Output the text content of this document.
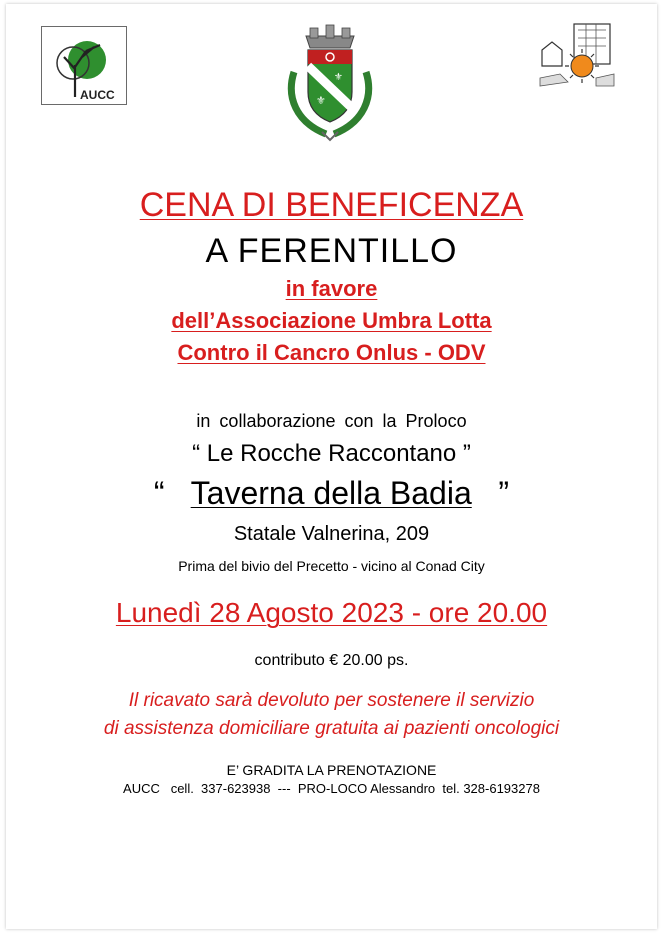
AUCC	⚜
⚜
CENA DI BENEFICENZA
A FERENTILLO
in favore
dell’Associazione Umbra Lotta
Contro il Cancro Onlus - ODV
in collaborazione con la Proloco
“ Le Rocche Raccontano ”
“ Taverna della Badia ”
Statale Valnerina, 209
Prima del bivio del Precetto - vicino al Conad City
Lunedì 28 Agosto 2023 - ore 20.00
contributo € 20.00 ps.
Il ricavato sarà devoluto per sostenere il servizio
di assistenza domiciliare gratuita ai pazienti oncologici
E’ GRADITA LA PRENOTAZIONE
AUCC   cell.  337-623938  ---  PRO-LOCO Alessandro  tel. 328-6193278
